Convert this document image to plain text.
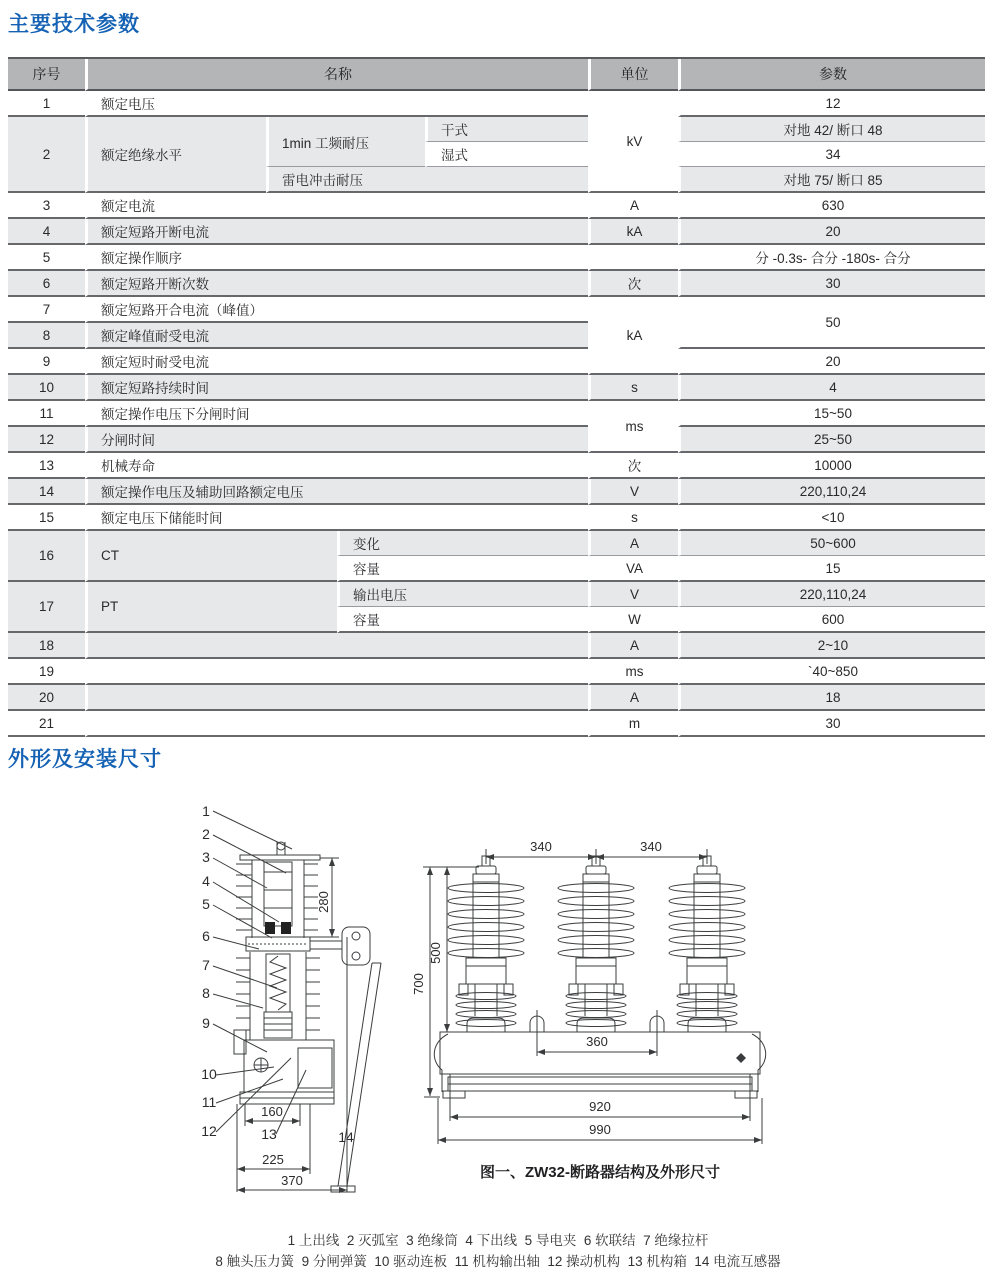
主要技术参数
序号	名称				单位	参数
1	额定电压				kV	12
2	额定绝缘水平	1min 工频耐压		干式		对地 42/ 断口 48
				湿式		34
		雷电冲击耐压				对地 75/ 断口 85
3	额定电流				A	630
4	额定短路开断电流				kA	20
5	额定操作顺序					分 -0.3s- 合分 -180s- 合分
6	额定短路开断次数				次	30
7	额定短路开合电流（峰值）				kA	50
8	额定峰值耐受电流					
9	额定短时耐受电流					20
10	额定短路持续时间				s	4
11	额定操作电压下分闸时间				ms	15~50
12	分闸时间					25~50
13	机械寿命				次	10000
14	额定操作电压及辅助回路额定电压				V	220,110,24
15	额定电压下储能时间				s	<10
16	CT		变化		A	50~600
			容量		VA	15
17	PT		输出电压		V	220,110,24
			容量		W	600
18					A	2~10
19					ms	`40~850
20					A	18
21					m	30
外形及安装尺寸
1
2
3
4
5
6
7
8
9
10
11
12	13	14
280
160
225
370
340	340
700
500
360
920
990
图一、ZW32-断路器结构及外形尺寸
1 上出线  2 灭弧室  3 绝缘筒  4 下出线  5 导电夹  6 软联结  7 绝缘拉杆
8 触头压力簧  9 分闸弹簧  10 驱动连板  11 机构输出轴  12 操动机构  13 机构箱  14 电流互感器
